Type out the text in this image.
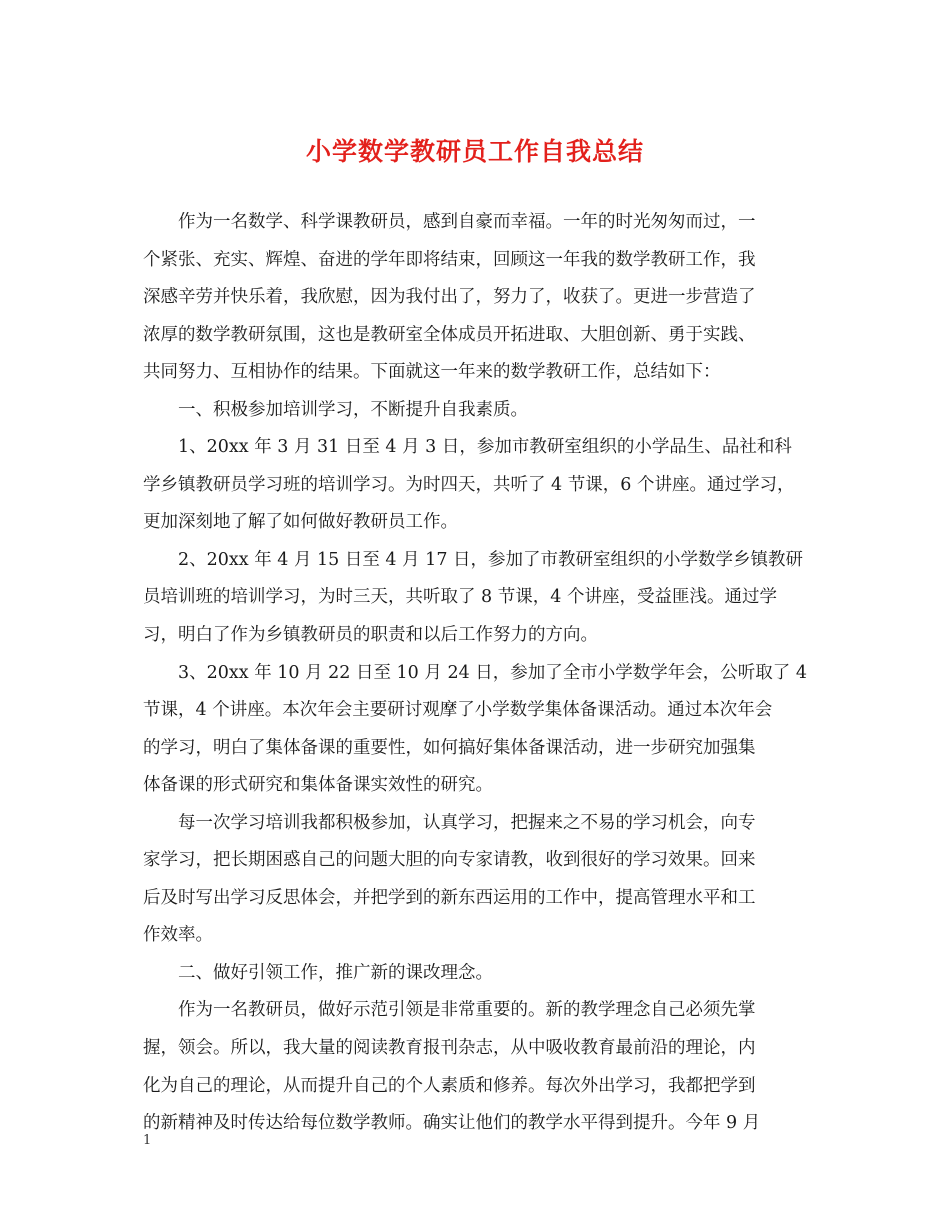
小学数学教研员工作自我总结
作为一名数学、科学课教研员，感到自豪而幸福。一年的时光匆匆而过，一
个紧张、充实、辉煌、奋进的学年即将结束，回顾这一年我的数学教研工作，我
深感辛劳并快乐着，我欣慰，因为我付出了，努力了，收获了。更进一步营造了
浓厚的数学教研氛围，这也是教研室全体成员开拓进取、大胆创新、勇于实践、
共同努力、互相协作的结果。下面就这一年来的数学教研工作，总结如下：
一、积极参加培训学习，不断提升自我素质。
1、20xx 年 3 月 31 日至 4 月 3 日，参加市教研室组织的小学品生、品社和科
学乡镇教研员学习班的培训学习。为时四天，共听了 4 节课，6 个讲座。通过学习，
更加深刻地了解了如何做好教研员工作。
2、20xx 年 4 月 15 日至 4 月 17 日，参加了市教研室组织的小学数学乡镇教研
员培训班的培训学习，为时三天，共听取了 8 节课，4 个讲座，受益匪浅。通过学
习，明白了作为乡镇教研员的职责和以后工作努力的方向。
3、20xx 年 10 月 22 日至 10 月 24 日，参加了全市小学数学年会，公听取了 4
节课，4 个讲座。本次年会主要研讨观摩了小学数学集体备课活动。通过本次年会
的学习，明白了集体备课的重要性，如何搞好集体备课活动，进一步研究加强集
体备课的形式研究和集体备课实效性的研究。
每一次学习培训我都积极参加，认真学习，把握来之不易的学习机会，向专
家学习，把长期困惑自己的问题大胆的向专家请教，收到很好的学习效果。回来
后及时写出学习反思体会，并把学到的新东西运用的工作中，提高管理水平和工
作效率。
二、做好引领工作，推广新的课改理念。
作为一名教研员，做好示范引领是非常重要的。新的教学理念自己必须先掌
握，领会。所以，我大量的阅读教育报刊杂志，从中吸收教育最前沿的理论，内
化为自己的理论，从而提升自己的个人素质和修养。每次外出学习，我都把学到
的新精神及时传达给每位数学教师。确实让他们的教学水平得到提升。今年 9 月
1
